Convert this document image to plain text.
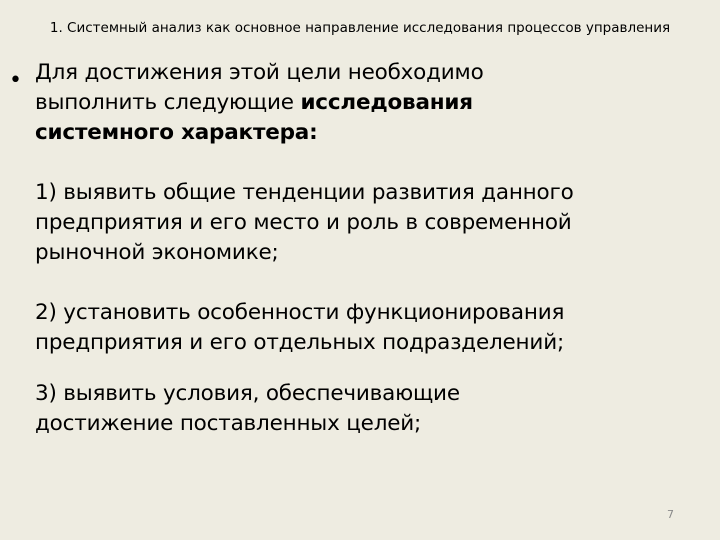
1. Системный анализ как основное направление исследования процессов управления
• Для достижения этой цели необходимо
выполнить следующие исследования
системного характера:
1) выявить общие тенденции развития данного
предприятия и его место и роль в современной
рыночной экономике;
2) установить особенности функционирования
предприятия и его отдельных подразделений;
3) выявить условия, обеспечивающие
достижение поставленных целей;
7
